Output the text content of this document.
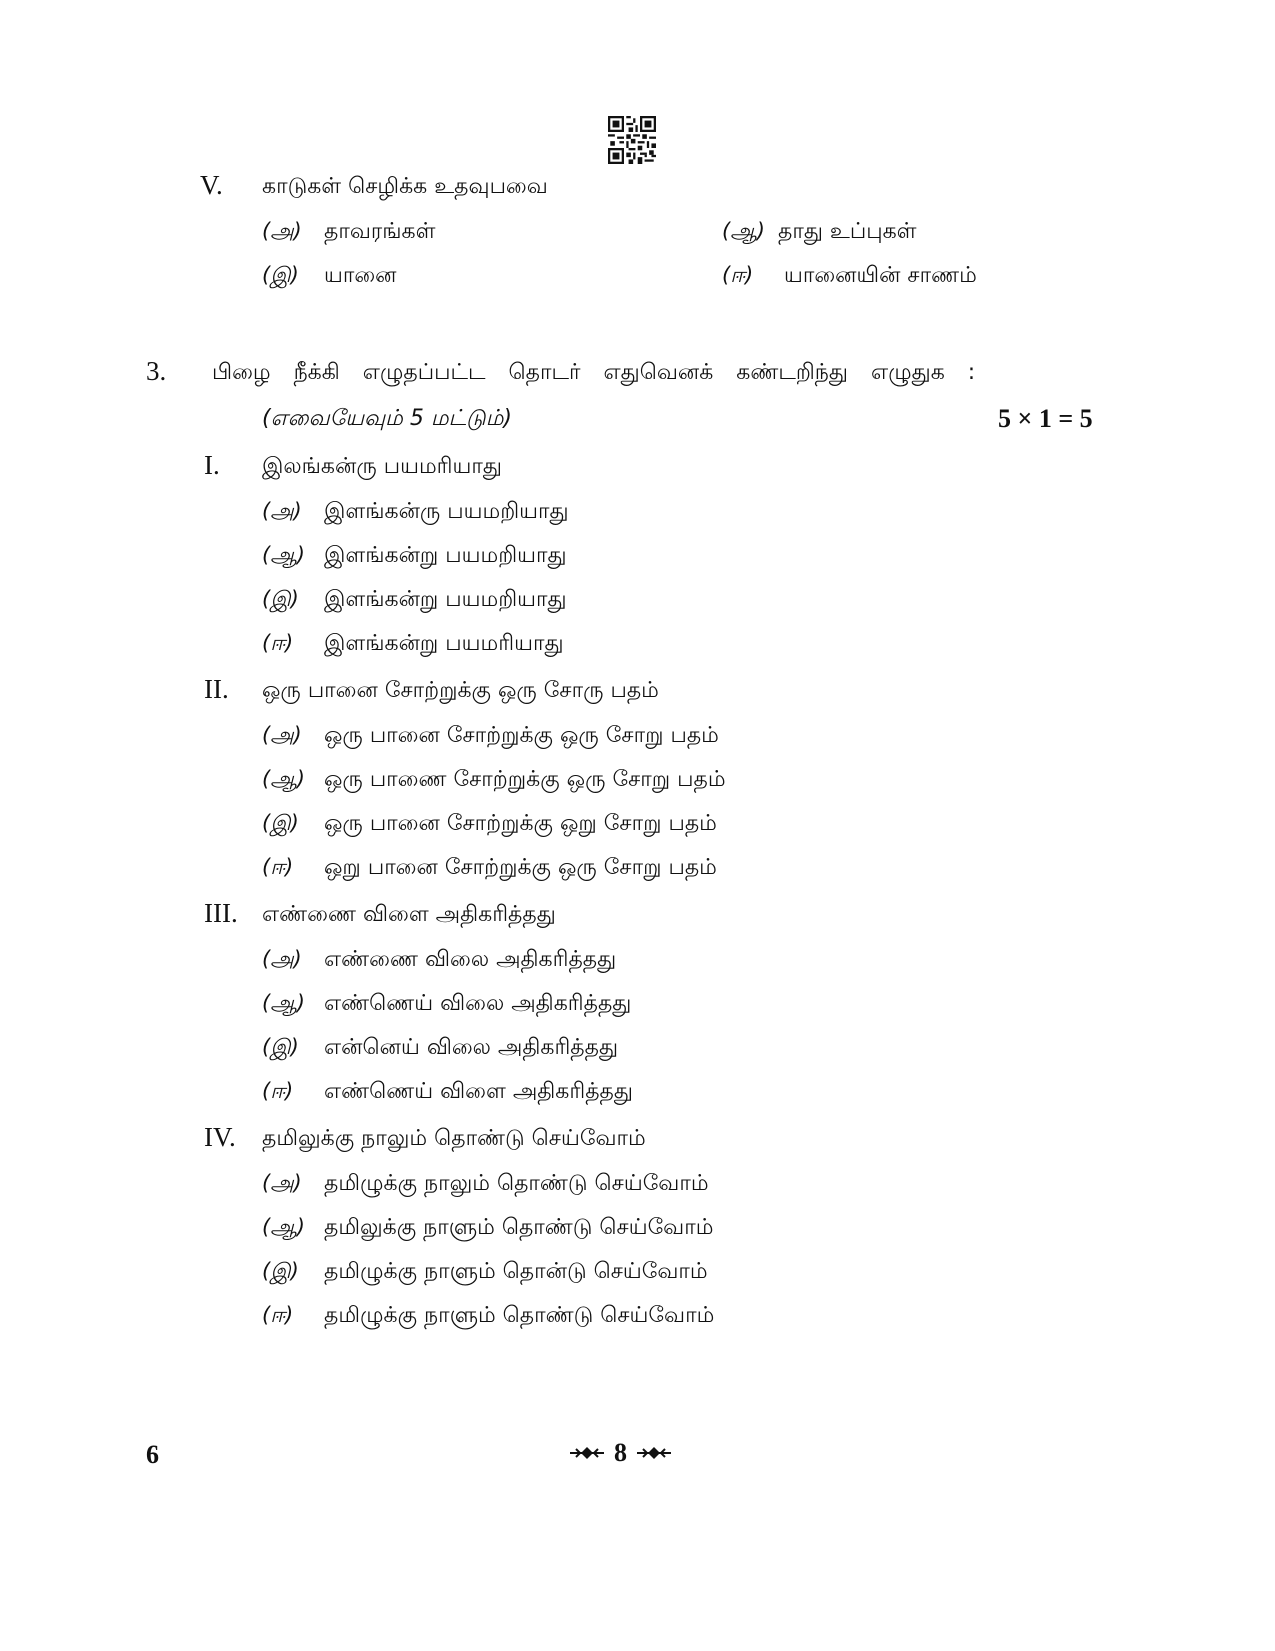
V. காடுகள் செழிக்க உதவுபவை
(அ) தாவரங்கள்	(ஆ) தாது உப்புகள்
(இ) யானை	(ஈ) யானையின் சாணம்
3. பிழை நீக்கி எழுதப்பட்ட தொடர் எதுவெனக் கண்டறிந்து எழுதுக :
(எவையேவும் 5 மட்டும்)	5 × 1 = 5
I. இலங்கன்ரு பயமரியாது
(அ) இளங்கன்ரு பயமறியாது
(ஆ) இளங்கன்று பயமறியாது
(இ) இளங்கன்று பயமறியாது
(ஈ) இளங்கன்று பயமரியாது
II. ஒரு பானை சோற்றுக்கு ஒரு சோரு பதம்
(அ) ஒரு பானை சோற்றுக்கு ஒரு சோறு பதம்
(ஆ) ஒரு பாணை சோற்றுக்கு ஒரு சோறு பதம்
(இ) ஒரு பானை சோற்றுக்கு ஒறு சோறு பதம்
(ஈ) ஒறு பானை சோற்றுக்கு ஒரு சோறு பதம்
III. எண்ணை விளை அதிகரித்தது
(அ) எண்ணை விலை அதிகரித்தது
(ஆ) எண்ணெய் விலை அதிகரித்தது
(இ) என்னெய் விலை அதிகரித்தது
(ஈ) எண்ணெய் விளை அதிகரித்தது
IV. தமிலுக்கு நாலும் தொண்டு செய்வோம்
(அ) தமிழுக்கு நாலும் தொண்டு செய்வோம்
(ஆ) தமிலுக்கு நாளும் தொண்டு செய்வோம்
(இ) தமிழுக்கு நாளும் தொன்டு செய்வோம்
(ஈ) தமிழுக்கு நாளும் தொண்டு செய்வோம்
6	8
